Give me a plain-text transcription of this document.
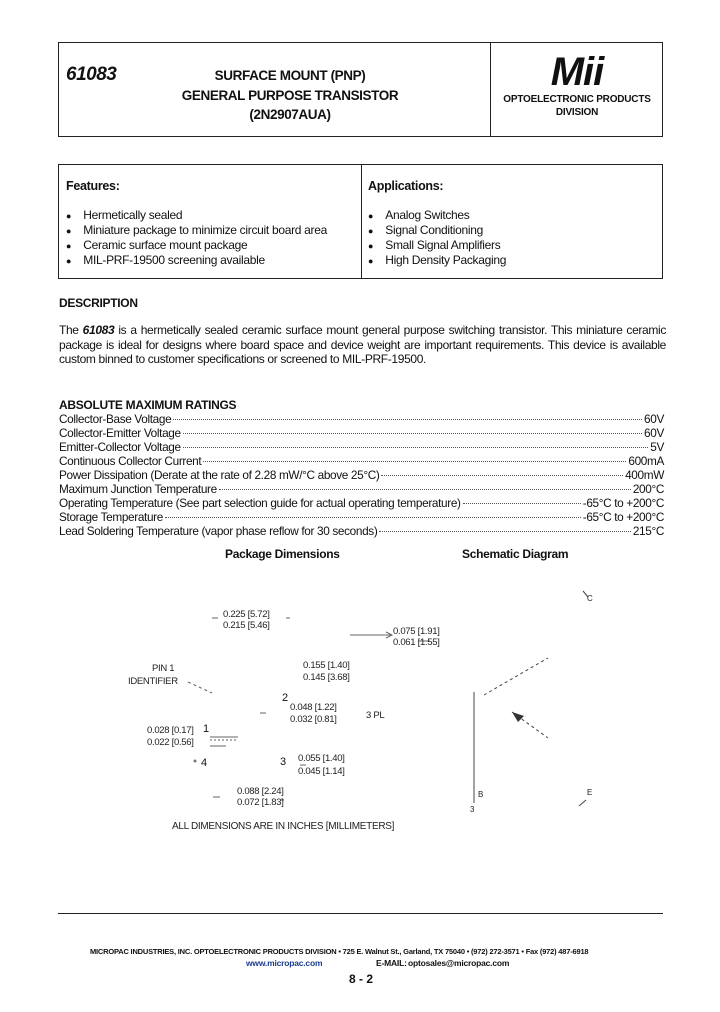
61083	SURFACE MOUNT (PNP)
GENERAL PURPOSE TRANSISTOR
(2N2907AUA)
Mii
OPTOELECTRONIC PRODUCTS
DIVISION
Features:	Applications:
● Hermetically sealed
● Miniature package to minimize circuit board area
● Ceramic surface mount package
● MIL-PRF-19500 screening available
● Analog Switches
● Signal Conditioning
● Small Signal Amplifiers
● High Density Packaging
DESCRIPTION
The 61083 is a hermetically sealed ceramic surface mount general purpose switching transistor. This miniature ceramic package is ideal for designs where board space and device weight are important requirements. This device is available custom binned to customer specifications or screened to MIL-PRF-19500.
ABSOLUTE MAXIMUM RATINGS
Collector-Base Voltage	60V
Collector-Emitter Voltage	60V
Emitter-Collector Voltage	5V
Continuous Collector Current	600mA
Power Dissipation (Derate at the rate of 2.28 mW/°C above 25°C)	400mW
Maximum Junction Temperature	200°C
Operating Temperature (See part selection guide for actual operating temperature)	-65°C to +200°C
Storage Temperature	-65°C to +200°C
Lead Soldering Temperature (vapor phase reflow for 30 seconds)	215°C
Package Dimensions	Schematic Diagram
0.225 [5.72]
0.215 [5.46]
0.075 [1.91]
0.061 [1.55]
0.155 [1.40]
0.145 [3.68]
0.048 [1.22]
0.032 [0.81]
0.028 [0.17]
0.022 [0.56]
0.055 [1.40]
0.045 [1.14]
0.088 [2.24]
0.072 [1.83]
PIN 1
IDENTIFIER
1
2
3
4
3 PL
ALL DIMENSIONS ARE IN INCHES [MILLIMETERS]
C
B	E
3
MICROPAC INDUSTRIES, INC. OPTOELECTRONIC PRODUCTS DIVISION • 725 E. Walnut St., Garland, TX 75040 • (972) 272-3571 • Fax (972) 487-6918
www.micropac.com	E-MAIL: optosales@micropac.com
8 - 2
